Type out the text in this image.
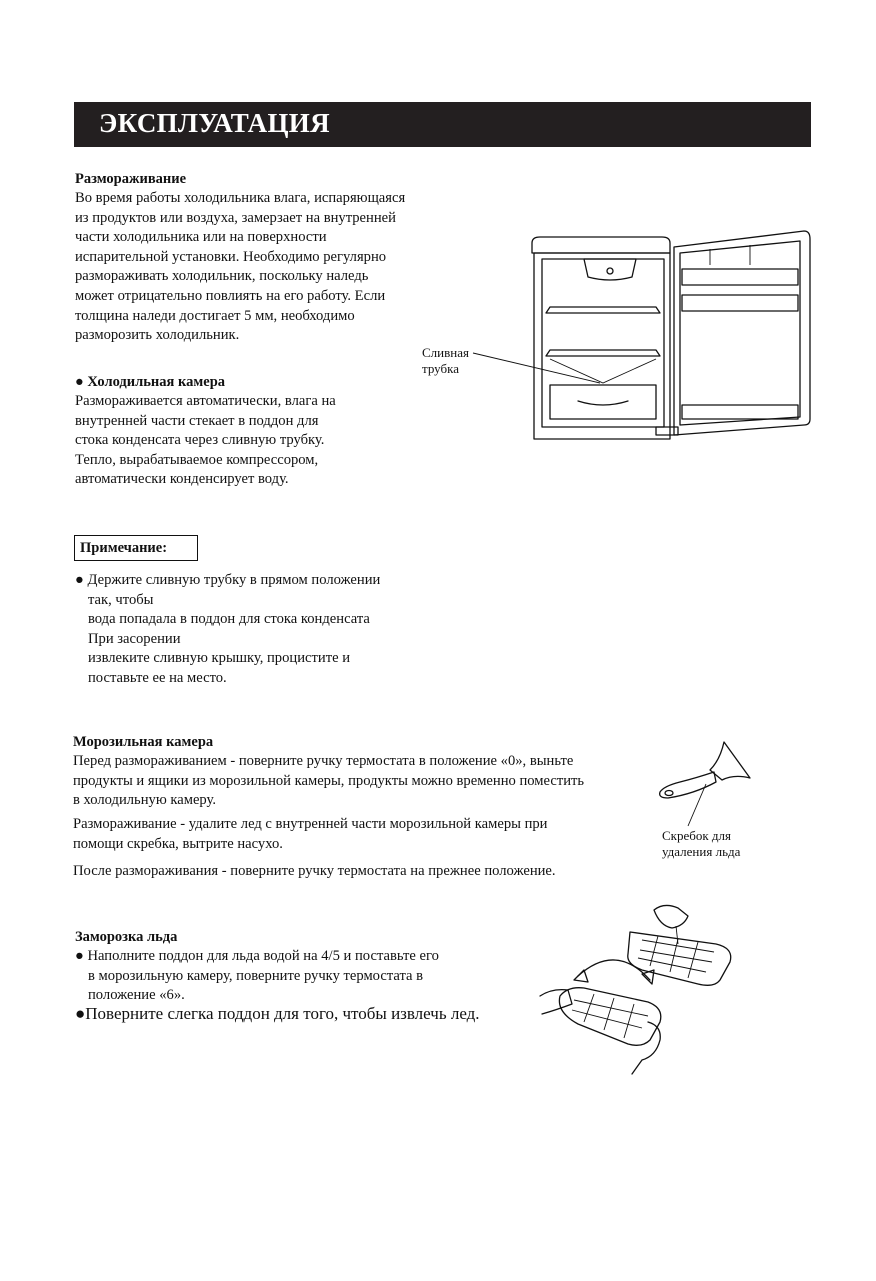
ЭКСПЛУАТАЦИЯ
Размораживание
Во время работы холодильника влага, испаряющаяся
из продуктов или воздуха, замерзает на внутренней
части холодильника или на поверхности
испарительной установки. Необходимо регулярно
размораживать холодильник, поскольку наледь
может отрицательно повлиять на его работу. Если
толщина наледи достигает 5 мм, необходимо
разморозить холодильник.
● Холодильная камера
Размораживается автоматически, влага на
внутренней части стекает в поддон для
стока конденсата через сливную трубку.
Тепло, вырабатываемое компрессором,
автоматически конденсирует воду.
Сливная
трубка
Примечание:
● Держите сливную трубку в прямом положении
так, чтобы
вода попадала в поддон для стока конденсата
При засорении
извлеките сливную крышку, процистите и
поставьте ее на место.
Морозильная камера
Перед размораживанием - поверните ручку термостата в положение «0», выньте
продукты и ящики из морозильной камеры, продукты можно временно поместить
в холодильную камеру.
Размораживание - удалите лед с внутренней части морозильной камеры при
помощи скребка, вытрите насухо.
После размораживания - поверните ручку термостата на прежнее положение.
Скребок для
удаления льда
Заморозка льда
● Наполните поддон для льда водой на 4/5 и поставьте его
в морозильную камеру, поверните ручку термостата в
положение «6».
●Поверните слегка поддон для того, чтобы извлечь лед.
